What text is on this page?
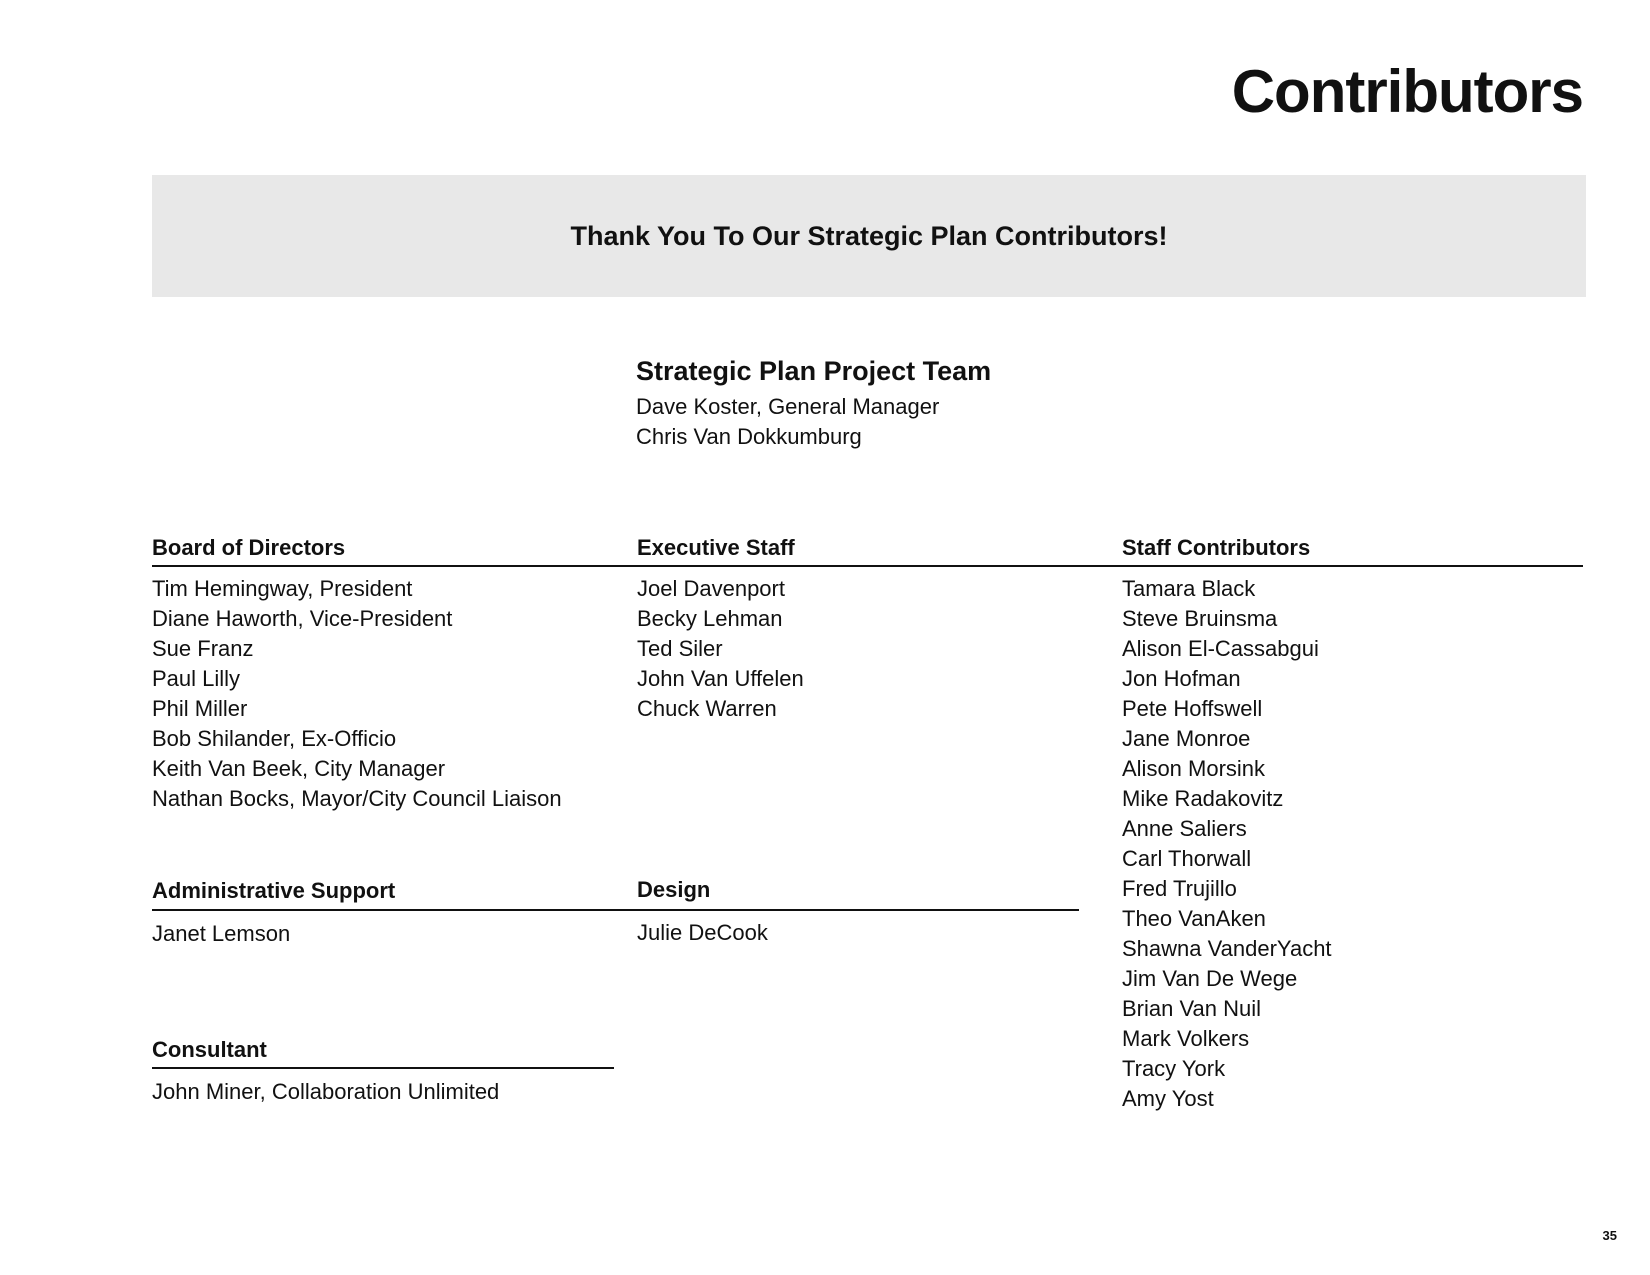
Contributors

Thank You To Our Strategic Plan Contributors!

Strategic Plan Project Team
Dave Koster, General Manager
Chris Van Dokkumburg
Board of Directors
Tim Hemingway, President
Diane Haworth, Vice-President
Sue Franz
Paul Lilly
Phil Miller
Bob Shilander, Ex-Officio
Keith Van Beek, City Manager
Nathan Bocks, Mayor/City Council Liaison
Executive Staff
Joel Davenport
Becky Lehman
Ted Siler
John Van Uffelen
Chuck Warren
Staff Contributors
Tamara Black
Steve Bruinsma
Alison El-Cassabgui
Jon Hofman
Pete Hoffswell
Jane Monroe
Alison Morsink
Mike Radakovitz
Anne Saliers
Carl Thorwall
Fred Trujillo
Theo VanAken
Shawna VanderYacht
Jim Van De Wege
Brian Van Nuil
Mark Volkers
Tracy York
Amy Yost
Administrative Support
Janet Lemson
Design
Julie DeCook
Consultant
John Miner, Collaboration Unlimited
35
